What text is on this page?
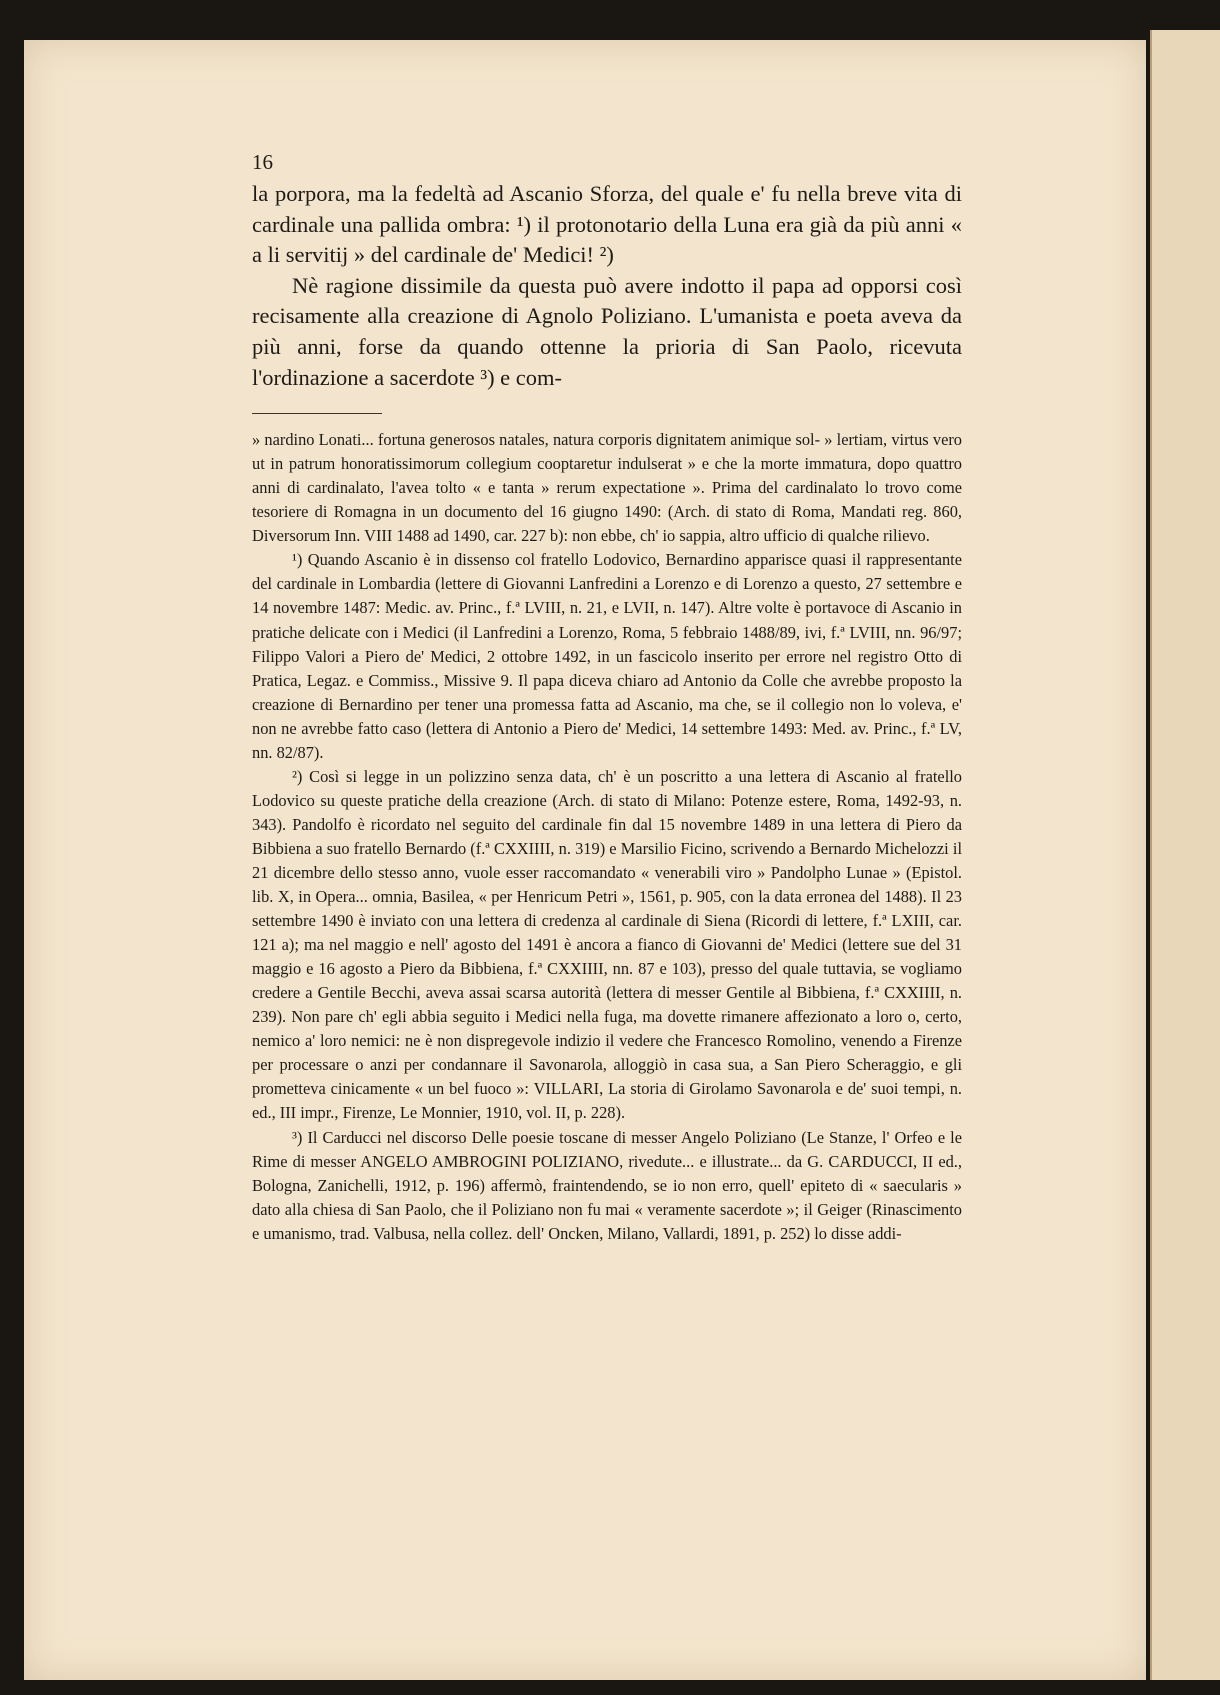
16

la porpora, ma la fedeltà ad Ascanio Sforza, del quale e' fu nella breve vita di cardinale una pallida ombra: ¹) il protonotario della Luna era già da più anni « a li servitij » del cardinale de' Medici! ²)

Nè ragione dissimile da questa può avere indotto il papa ad opporsi così recisamente alla creazione di Agnolo Poliziano. L'umanista e poeta aveva da più anni, forse da quando ottenne la prioria di San Paolo, ricevuta l'ordinazione a sacerdote ³) e com-

» nardino Lonati... fortuna generosos natales, natura corporis dignitatem animique sol- » lertiam, virtus vero ut in patrum honoratissimorum collegium cooptaretur indulserat » e che la morte immatura, dopo quattro anni di cardinalato, l'avea tolto « e tanta » rerum expectatione ». Prima del cardinalato lo trovo come tesoriere di Romagna in un documento del 16 giugno 1490: (Arch. di stato di Roma, Mandati reg. 860, Diversorum Inn. VIII 1488 ad 1490, car. 227 b): non ebbe, ch' io sappia, altro ufficio di qualche rilievo.

¹) Quando Ascanio è in dissenso col fratello Lodovico, Bernardino apparisce quasi il rappresentante del cardinale in Lombardia (lettere di Giovanni Lanfredini a Lorenzo e di Lorenzo a questo, 27 settembre e 14 novembre 1487: Medic. av. Princ., f.ª LVIII, n. 21, e LVII, n. 147). Altre volte è portavoce di Ascanio in pratiche delicate con i Medici (il Lanfredini a Lorenzo, Roma, 5 febbraio 1488/89, ivi, f.ª LVIII, nn. 96/97; Filippo Valori a Piero de' Medici, 2 ottobre 1492, in un fascicolo inserito per errore nel registro Otto di Pratica, Legaz. e Commiss., Missive 9. Il papa diceva chiaro ad Antonio da Colle che avrebbe proposto la creazione di Bernardino per tener una promessa fatta ad Ascanio, ma che, se il collegio non lo voleva, e' non ne avrebbe fatto caso (lettera di Antonio a Piero de' Medici, 14 settembre 1493: Med. av. Princ., f.ª LV, nn. 82/87).

²) Così si legge in un polizzino senza data, ch' è un poscritto a una lettera di Ascanio al fratello Lodovico su queste pratiche della creazione (Arch. di stato di Milano: Potenze estere, Roma, 1492-93, n. 343). Pandolfo è ricordato nel seguito del cardinale fin dal 15 novembre 1489 in una lettera di Piero da Bibbiena a suo fratello Bernardo (f.ª CXXIIII, n. 319) e Marsilio Ficino, scrivendo a Bernardo Michelozzi il 21 dicembre dello stesso anno, vuole esser raccomandato « venerabili viro » Pandolpho Lunae » (Epistol. lib. X, in Opera... omnia, Basilea, « per Henricum Petri », 1561, p. 905, con la data erronea del 1488). Il 23 settembre 1490 è inviato con una lettera di credenza al cardinale di Siena (Ricordi di lettere, f.ª LXIII, car. 121 a); ma nel maggio e nell' agosto del 1491 è ancora a fianco di Giovanni de' Medici (lettere sue del 31 maggio e 16 agosto a Piero da Bibbiena, f.ª CXXIIII, nn. 87 e 103), presso del quale tuttavia, se vogliamo credere a Gentile Becchi, aveva assai scarsa autorità (lettera di messer Gentile al Bibbiena, f.ª CXXIIII, n. 239). Non pare ch' egli abbia seguito i Medici nella fuga, ma dovette rimanere affezionato a loro o, certo, nemico a' loro nemici: ne è non dispregevole indizio il vedere che Francesco Romolino, venendo a Firenze per processare o anzi per condannare il Savonarola, alloggiò in casa sua, a San Piero Scheraggio, e gli prometteva cinicamente « un bel fuoco »: VILLARI, La storia di Girolamo Savonarola e de' suoi tempi, n. ed., III impr., Firenze, Le Monnier, 1910, vol. II, p. 228).

³) Il Carducci nel discorso Delle poesie toscane di messer Angelo Poliziano (Le Stanze, l' Orfeo e le Rime di messer ANGELO AMBROGINI POLIZIANO, rivedute... e illustrate... da G. CARDUCCI, II ed., Bologna, Zanichelli, 1912, p. 196) affermò, fraintendendo, se io non erro, quell' epiteto di « saecularis » dato alla chiesa di San Paolo, che il Poliziano non fu mai « veramente sacerdote »; il Geiger (Rinascimento e umanismo, trad. Valbusa, nella collez. dell' Oncken, Milano, Vallardi, 1891, p. 252) lo disse addi-
